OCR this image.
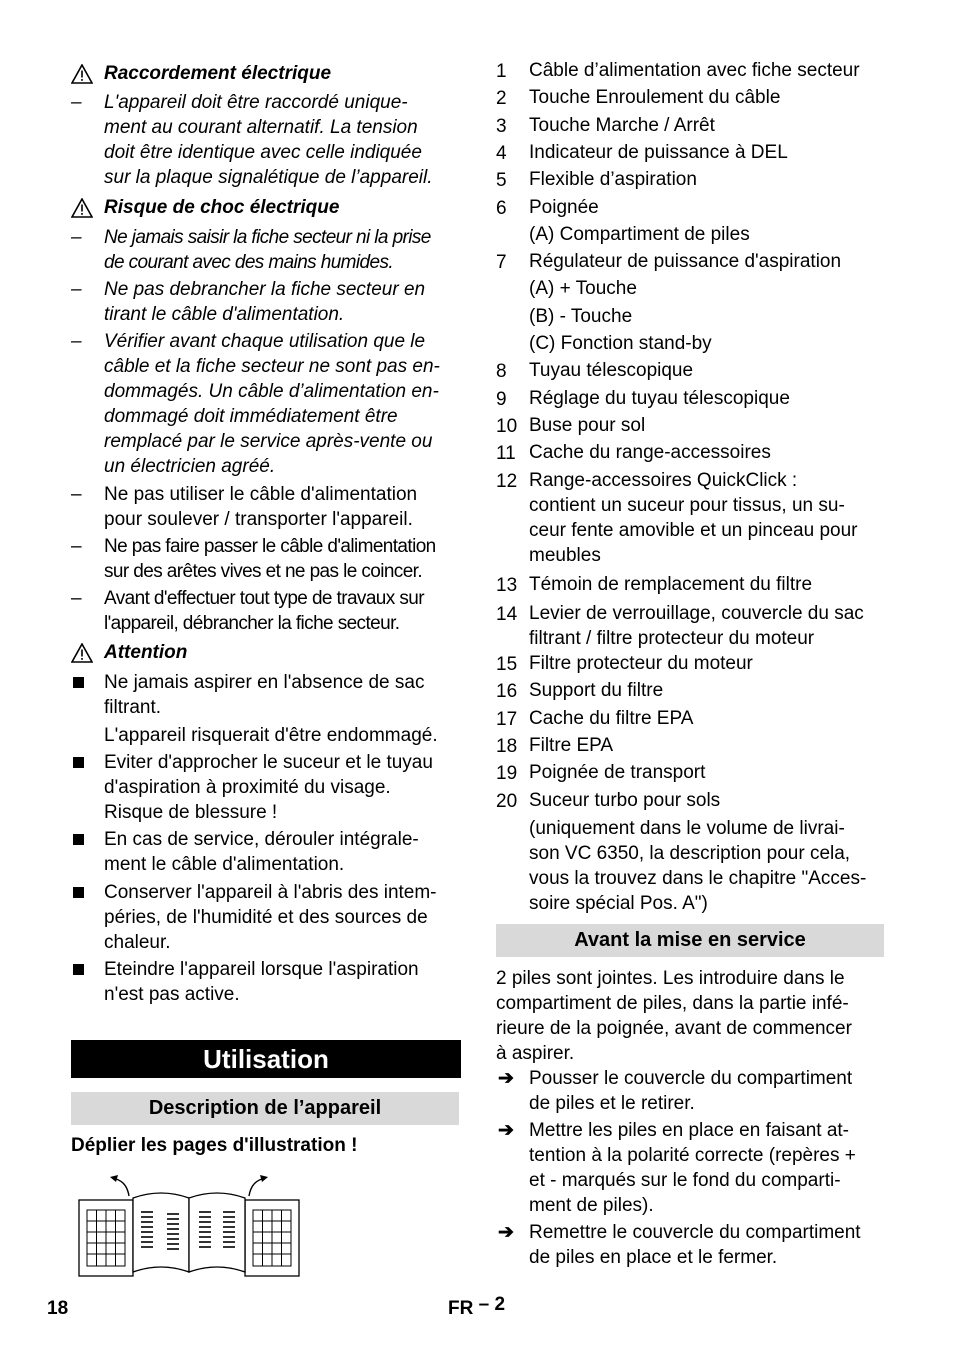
Raccordement électrique
– L'appareil doit être raccordé unique-
ment au courant alternatif. La tension
doit être identique avec celle indiquée
sur la plaque signalétique de l’appareil.
Risque de choc électrique
– Ne jamais saisir la fiche secteur ni la prise
de courant avec des mains humides.
– Ne pas debrancher la fiche secteur en
tirant le câble d'alimentation.
– Vérifier avant chaque utilisation que le
câble et la fiche secteur ne sont pas en-
dommagés. Un câble d’alimentation en-
dommagé doit immédiatement être
remplacé par le service après-vente ou
un électricien agréé.
– Ne pas utiliser le câble d'alimentation
pour soulever / transporter l'appareil.
– Ne pas faire passer le câble d'alimentation
sur des arêtes vives et ne pas le coincer.
– Avant d'effectuer tout type de travaux sur
l'appareil, débrancher la fiche secteur.
Attention
Ne jamais aspirer en l'absence de sac
filtrant.
L'appareil risquerait d'être endommagé.
Eviter d'approcher le suceur et le tuyau
d'aspiration à proximité du visage.
Risque de blessure !
En cas de service, dérouler intégrale-
ment le câble d'alimentation.
Conserver l'appareil à l'abris des intem-
péries, de l'humidité et des sources de
chaleur.
Eteindre l'appareil lorsque l'aspiration
n'est pas active.
Utilisation
Description de l’appareil
Déplier les pages d'illustration !
1	Câble d’alimentation avec fiche secteur
2	Touche Enroulement du câble
3	Touche Marche / Arrêt
4	Indicateur de puissance à DEL
5	Flexible d’aspiration
6	Poignée
(A) Compartiment de piles
7	Régulateur de puissance d'aspiration
(A) + Touche
(B) - Touche
(C) Fonction stand-by
8	Tuyau télescopique
9	Réglage du tuyau télescopique
10 Buse pour sol
11 Cache du range-accessoires
12 Range-accessoires QuickClick :
contient un suceur pour tissus, un su-
ceur fente amovible et un pinceau pour
meubles
13 Témoin de remplacement du filtre
14 Levier de verrouillage, couvercle du sac
filtrant / filtre protecteur du moteur
15 Filtre protecteur du moteur
16 Support du filtre
17 Cache du filtre EPA
18 Filtre EPA
19 Poignée de transport
20 Suceur turbo pour sols
(uniquement dans le volume de livrai-
son VC 6350, la description pour cela,
vous la trouvez dans le chapitre "Acces-
soire spécial Pos. A")
Avant la mise en service
2 piles sont jointes. Les introduire dans le
compartiment de piles, dans la partie infé-
rieure de la poignée, avant de commencer
à aspirer.
➔ Pousser le couvercle du compartiment
de piles et le retirer.
➔ Mettre les piles en place en faisant at-
tention à la polarité correcte (repères +
et - marqués sur le fond du comparti-
ment de piles).
➔ Remettre le couvercle du compartiment
de piles en place et le fermer.
18	FR – 2
